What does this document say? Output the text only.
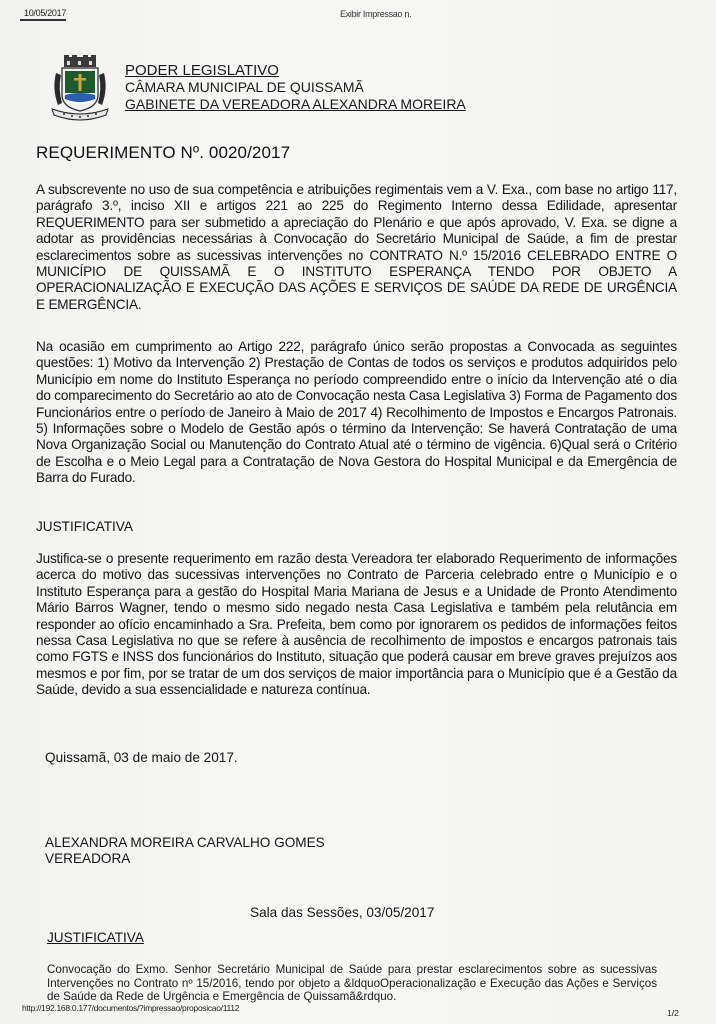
10/05/2017	Exibir Impressao n.
PODER LEGISLATIVO
CÂMARA MUNICIPAL DE QUISSAMÃ
GABINETE DA VEREADORA ALEXANDRA MOREIRA
REQUERIMENTO Nº. 0020/2017
A subscrevente no uso de sua competência e atribuições regimentais vem a V. Exa., com base no artigo 117, parágrafo 3.º, inciso XII e artigos 221 ao 225 do Regimento Interno dessa Edilidade, apresentar REQUERIMENTO para ser submetido a apreciação do Plenário e que após aprovado, V. Exa. se digne a adotar as providências necessárias à Convocação do Secretário Municipal de Saúde, a fim de prestar esclarecimentos sobre as sucessivas intervenções no CONTRATO N.º 15/2016 CELEBRADO ENTRE O MUNICÍPIO DE QUISSAMÃ E O INSTITUTO ESPERANÇA TENDO POR OBJETO A OPERACIONALIZAÇÃO E EXECUÇÃO DAS AÇÕES E SERVIÇOS DE SAÚDE DA REDE DE URGÊNCIA E EMERGÊNCIA.
Na ocasião em cumprimento ao Artigo 222, parágrafo único serão propostas a Convocada as seguintes questões: 1) Motivo da Intervenção 2) Prestação de Contas de todos os serviços e produtos adquiridos pelo Município em nome do Instituto Esperança no período compreendido entre o início da Intervenção até o dia do comparecimento do Secretário ao ato de Convocação nesta Casa Legislativa 3) Forma de Pagamento dos Funcionários entre o período de Janeiro à Maio de 2017 4) Recolhimento de Impostos e Encargos Patronais. 5) Informações sobre o Modelo de Gestão após o término da Intervenção: Se haverá Contratação de uma Nova Organização Social ou Manutenção do Contrato Atual até o término de vigência. 6)Qual será o Critério de Escolha e o Meio Legal para a Contratação de Nova Gestora do Hospital Municipal e da Emergência de Barra do Furado.
JUSTIFICATIVA
Justifica-se o presente requerimento em razão desta Vereadora ter elaborado Requerimento de informações acerca do motivo das sucessivas intervenções no Contrato de Parceria celebrado entre o Município e o Instituto Esperança para a gestão do Hospital Maria Mariana de Jesus e a Unidade de Pronto Atendimento Mário Barros Wagner, tendo o mesmo sido negado nesta Casa Legislativa e também pela relutância em responder ao ofício encaminhado a Sra. Prefeita, bem como por ignorarem os pedidos de informações feitos nessa Casa Legislativa no que se refere à ausência de recolhimento de impostos e encargos patronais tais como FGTS e INSS dos funcionários do Instituto, situação que poderá causar em breve graves prejuízos aos mesmos e por fim, por se tratar de um dos serviços de maior importância para o Município que é a Gestão da Saúde, devido a sua essencialidade e natureza contínua.
Quissamã, 03 de maio de 2017.
ALEXANDRA MOREIRA CARVALHO GOMES
VEREADORA
Sala das Sessões, 03/05/2017
JUSTIFICATIVA
Convocação do Exmo. Senhor Secretário Municipal de Saúde para prestar esclarecimentos sobre as sucessivas Intervenções no Contrato nº 15/2016, tendo por objeto a &ldquoOperacionalização e Execução das Ações e Serviços de Saúde da Rede de Urgência e Emergência de Quissamã&rdquo.
http://192.168.0.177/documentos/?impressao/proposicao/1112	1/2
